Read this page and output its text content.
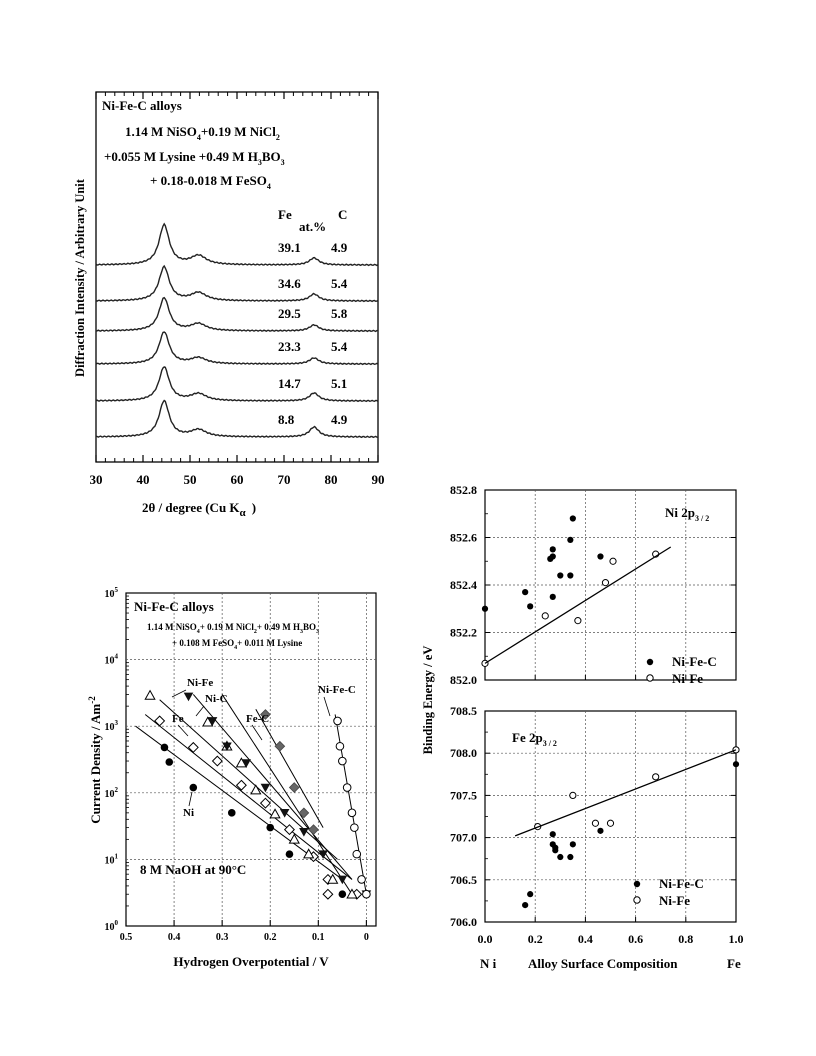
30	40	50	60	70	80	90
Ni-Fe-C alloys
1.14 M NiSO$_4$+0.19 M NiCl$_2$
+0.055 M Lysine +0.49 M $H_3BO_3$
+ 0.18-0.018 M FeSO$_4$
Fe
at.%
C
39.1 4.9
34.6 5.4
29.5 5.8
23.3 5.4
14.7 5.1
8.8	4.9
2θ / degree (Cu $K_\alpha$ )
Diffraction Intensity / Arbitrary Unit
0.5	0.4	0.3	0.2	0.1	0
$10^0$
$10^1$
$10^2$
$10^3$
$10^4$
$10^5$
Ni-Fe-C alloys
1.14 M NiSO$_4$+ 0.19 M NiCl$_2$+ 0.49 M $H_3BO_3$
+ 0.108 M FeSO$_4$+ 0.011 M Lysine
8 M NaOH at 90°C
Ni-Fe
Ni-C
Fe	Fe-C
Ni
Ni-Fe-C
Hydrogen Overpotential / V
Current Density / $Am^{-2}$
852.0
852.2
852.4
852.6
852.8
706.0
706.5
707.0
707.5
708.0
708.5
0.0	0.2	0.4	0.6	0.8	1.0
Ni $2p_{3 / 2}$
Fe $2p_{3 / 2}$
Ni-Fe-C
Ni-Fe
Ni-Fe-C
Ni-Fe
Binding Energy / eV
N i Alloy Surface Composition	Fe
